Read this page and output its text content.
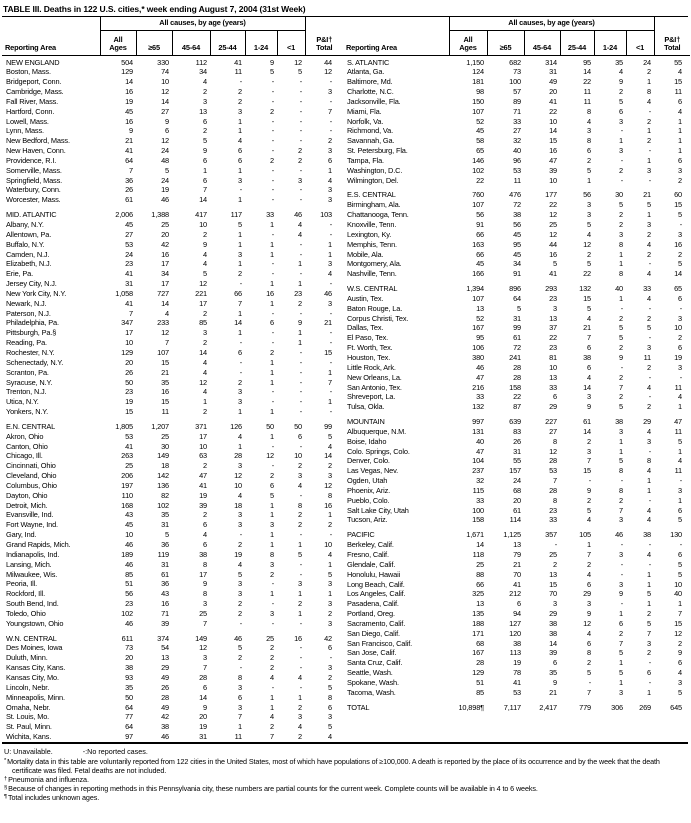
TABLE III. Deaths in 122 U.S. cities,* week ending August 7, 2004 (31st Week)
	All causes, by age (years)						
Reporting Area	All Ages	≥65	45-64	25-44	1-24	<1	P&I† Total
NEW ENGLAND	504	330	112	41	9	12	44
Boston, Mass.	129	74	34	11	5	5	12
Bridgeport, Conn.	14	10	4	-	-	-	-
Cambridge, Mass.	16	12	2	2	-	-	3
Fall River, Mass.	19	14	3	2	-	-	-
Hartford, Conn.	45	27	13	3	2	-	7
Lowell, Mass.	16	9	6	1	-	-	-
Lynn, Mass.	9	6	2	1	-	-	-
New Bedford, Mass.	21	12	5	4	-	-	2
New Haven, Conn.	41	24	9	6	-	2	3
Providence, R.I.	64	48	6	6	2	2	6
Somerville, Mass.	7	5	1	1	-	-	1
Springfield, Mass.	36	24	6	3	-	3	4
Waterbury, Conn.	26	19	7	-	-	-	3
Worcester, Mass.	61	46	14	1	-	-	3

MID. ATLANTIC	2,006	1,388	417	117	33	46	103
Albany, N.Y.	45	25	10	5	1	4	-
Allentown, Pa.	27	20	2	1	-	4	-
Buffalo, N.Y.	53	42	9	1	1	-	1
Camden, N.J.	24	16	4	3	1	-	1
Elizabeth, N.J.	23	17	4	1	-	1	3
Erie, Pa.	41	34	5	2	-	-	4
Jersey City, N.J.	31	17	12	-	1	1	-
New York City, N.Y.	1,058	727	221	66	16	23	46
Newark, N.J.	41	14	17	7	1	2	3
Paterson, N.J.	7	4	2	1	-	-	-
Philadelphia, Pa.	347	233	85	14	6	9	21
Pittsburgh, Pa.§	17	12	3	1	-	1	-
Reading, Pa.	10	7	2	-	-	1	-
Rochester, N.Y.	129	107	14	6	2	-	15
Schenectady, N.Y.	20	15	4	-	1	-	-
Scranton, Pa.	26	21	4	-	1	-	1
Syracuse, N.Y.	50	35	12	2	1	-	7
Trenton, N.J.	23	16	4	3	-	-	-
Utica, N.Y.	19	15	1	3	-	-	1
Yonkers, N.Y.	15	11	2	1	1	-	-

E.N. CENTRAL	1,805	1,207	371	126	50	50	99
Akron, Ohio	53	25	17	4	1	6	5
Canton, Ohio	41	30	10	1	-	-	4
Chicago, Ill.	263	149	63	28	12	10	14
Cincinnati, Ohio	25	18	2	3	-	2	2
Cleveland, Ohio	206	142	47	12	2	3	3
Columbus, Ohio	197	136	41	10	6	4	12
Dayton, Ohio	110	82	19	4	5	-	8
Detroit, Mich.	168	102	39	18	1	8	16
Evansville, Ind.	43	35	2	3	1	2	1
Fort Wayne, Ind.	45	31	6	3	3	2	2
Gary, Ind.	10	5	4	-	1	-	-
Grand Rapids, Mich.	46	36	6	2	1	1	10
Indianapolis, Ind.	189	119	38	19	8	5	4
Lansing, Mich.	46	31	8	4	3	-	1
Milwaukee, Wis.	85	61	17	5	2	-	5
Peoria, Ill.	51	36	9	3	-	3	3
Rockford, Ill.	56	43	8	3	1	1	1
South Bend, Ind.	23	16	3	2	-	2	3
Toledo, Ohio	102	71	25	2	3	1	2
Youngstown, Ohio	46	39	7	-	-	-	3

W.N. CENTRAL	611	374	149	46	25	16	42
Des Moines, Iowa	73	54	12	5	2	-	6
Duluth, Minn.	20	13	3	2	2	-	-
Kansas City, Kans.	38	29	7	-	2	-	3
Kansas City, Mo.	93	49	28	8	4	4	2
Lincoln, Nebr.	35	26	6	3	-	-	5
Minneapolis, Minn.	50	28	14	6	1	1	8
Omaha, Nebr.	64	49	9	3	1	2	6
St. Louis, Mo.	77	42	20	7	4	3	3
St. Paul, Minn.	64	38	19	1	2	4	5
Wichita, Kans.	97	46	31	11	7	2	4
	All causes, by age (years)						
Reporting Area	All Ages	≥65	45-64	25-44	1-24	<1	P&I† Total
S. ATLANTIC	1,150	682	314	95	35	24	55
Atlanta, Ga.	124	73	31	14	4	2	4
Baltimore, Md.	181	100	49	22	9	1	15
Charlotte, N.C.	98	57	20	11	2	8	11
Jacksonville, Fla.	150	89	41	11	5	4	6
Miami, Fla.	107	71	22	8	6	-	4
Norfolk, Va.	52	33	10	4	3	2	1
Richmond, Va.	45	27	14	3	-	1	1
Savannah, Ga.	58	32	15	8	1	2	1
St. Petersburg, Fla.	65	40	16	6	3	-	1
Tampa, Fla.	146	96	47	2	-	1	6
Washington, D.C.	102	53	39	5	2	3	3
Wilmington, Del.	22	11	10	1	-	-	2

E.S. CENTRAL	760	476	177	56	30	21	60
Birmingham, Ala.	107	72	22	3	5	5	15
Chattanooga, Tenn.	56	38	12	3	2	1	5
Knoxville, Tenn.	91	56	25	5	2	3	-
Lexington, Ky.	66	45	12	4	3	2	3
Memphis, Tenn.	163	95	44	12	8	4	16
Mobile, Ala.	66	45	16	2	1	2	2
Montgomery, Ala.	45	34	5	5	1	-	5
Nashville, Tenn.	166	91	41	22	8	4	14

W.S. CENTRAL	1,394	896	293	132	40	33	65
Austin, Tex.	107	64	23	15	1	4	6
Baton Rouge, La.	13	5	3	5	-	-	-
Corpus Christi, Tex.	52	31	13	4	2	2	3
Dallas, Tex.	167	99	37	21	5	5	10
El Paso, Tex.	95	61	22	7	5	-	2
Ft. Worth, Tex.	106	72	23	6	2	3	6
Houston, Tex.	380	241	81	38	9	11	19
Little Rock, Ark.	46	28	10	6	-	2	3
New Orleans, La.	47	28	13	4	2	-	-
San Antonio, Tex.	216	158	33	14	7	4	11
Shreveport, La.	33	22	6	3	2	-	4
Tulsa, Okla.	132	87	29	9	5	2	1

MOUNTAIN	997	639	227	61	38	29	47
Albuquerque, N.M.	131	83	27	14	3	4	11
Boise, Idaho	40	26	8	2	1	3	5
Colo. Springs, Colo.	47	31	12	3	1	-	1
Denver, Colo.	104	55	28	7	5	8	4
Las Vegas, Nev.	237	157	53	15	8	4	11
Ogden, Utah	32	24	7	-	-	1	-
Phoenix, Ariz.	115	68	28	9	8	1	3
Pueblo, Colo.	33	20	8	2	2	-	1
Salt Lake City, Utah	100	61	23	5	7	4	6
Tucson, Ariz.	158	114	33	4	3	4	5

PACIFIC	1,671	1,125	357	105	46	38	130
Berkeley, Calif.	14	13	-	1	-	-	-
Fresno, Calif.	118	79	25	7	3	4	6
Glendale, Calif.	25	21	2	2	-	-	5
Honolulu, Hawaii	88	70	13	4	-	1	5
Long Beach, Calif.	66	41	15	6	3	1	10
Los Angeles, Calif.	325	212	70	29	9	5	40
Pasadena, Calif.	13	6	3	3	-	1	1
Portland, Oreg.	135	94	29	9	1	2	7
Sacramento, Calif.	188	127	38	12	6	5	15
San Diego, Calif.	171	120	38	4	2	7	12
San Francisco, Calif.	68	38	14	6	7	3	2
San Jose, Calif.	167	113	39	8	5	2	9
Santa Cruz, Calif.	28	19	6	2	1	-	6
Seattle, Wash.	129	78	35	5	5	6	4
Spokane, Wash.	51	41	9	-	1	-	3
Tacoma, Wash.	85	53	21	7	3	1	5

TOTAL	10,898¶	7,117	2,417	779	306	269	645
U: Unavailable.	-:No reported cases.
*Mortality data in this table are voluntarily reported from 122 cities in the United States, most of which have populations of ≥100,000. A death is reported by the place of its occurrence and by the week that the death certificate was filed. Fetal deaths are not included.
†Pneumonia and influenza.
§Because of changes in reporting methods in this Pennsylvania city, these numbers are partial counts for the current week. Complete counts will be available in 4 to 6 weeks.
¶Total includes unknown ages.
